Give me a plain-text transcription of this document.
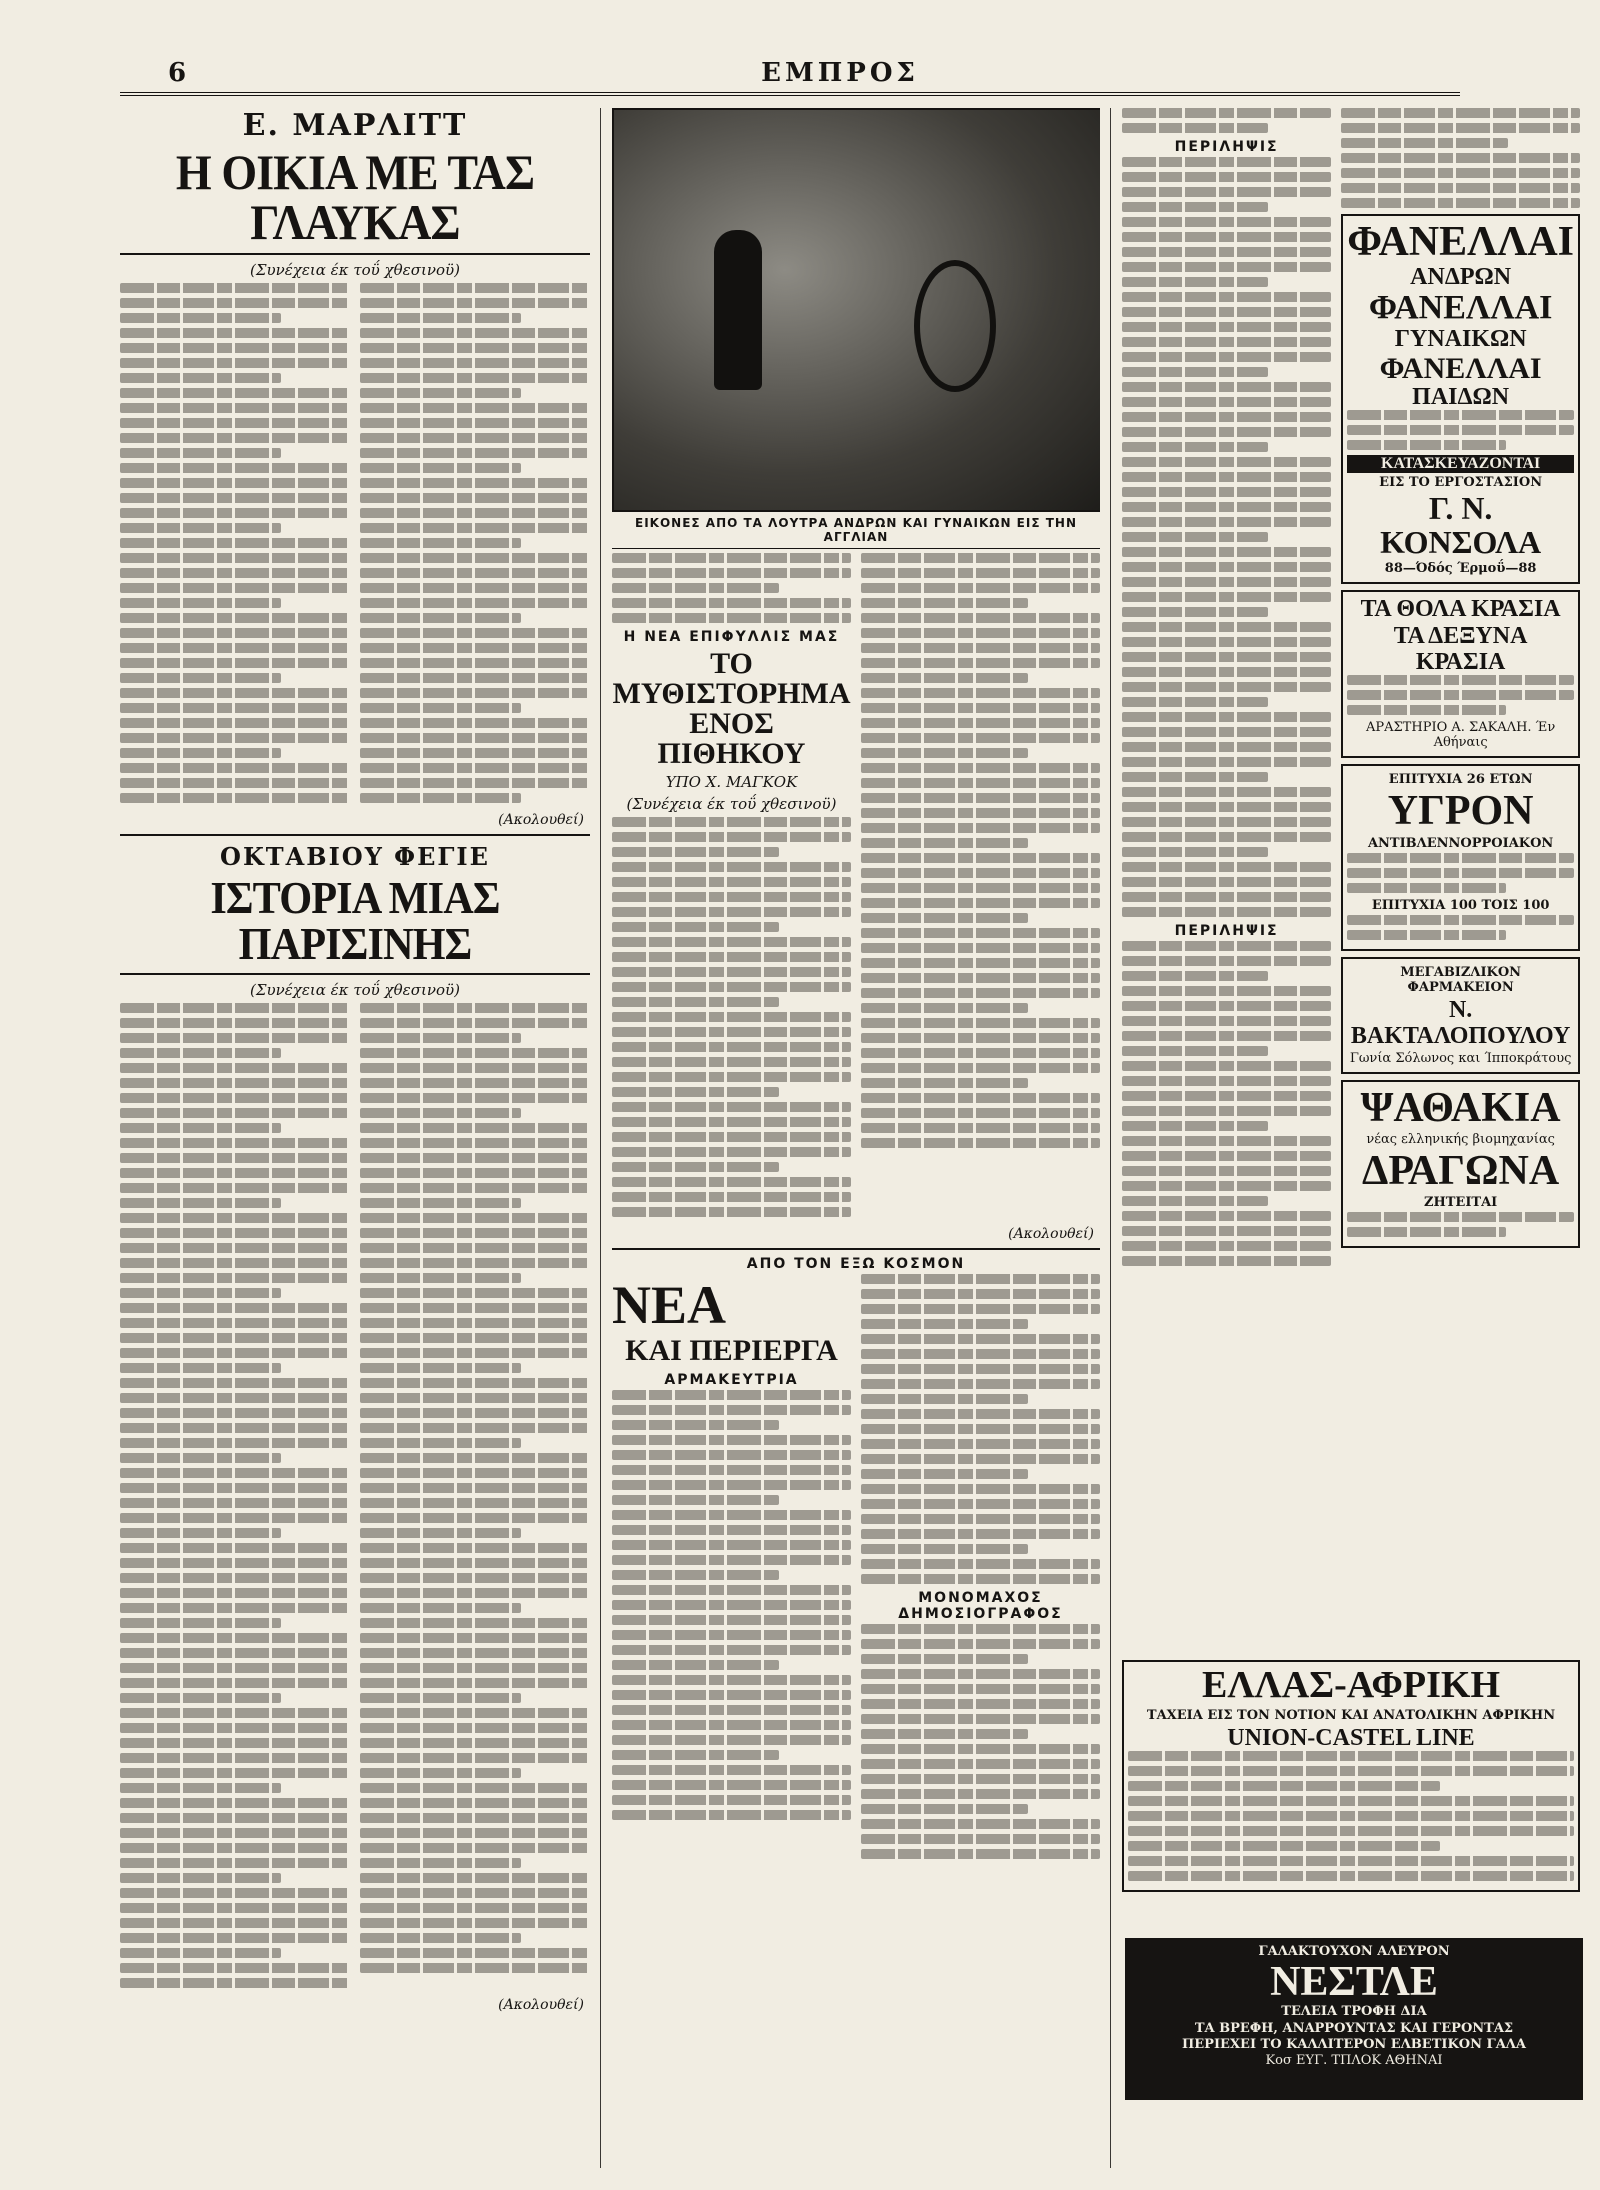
6	ΕΜΠΡΟΣ
Ε. ΜΑΡΛΙΤΤ
Η ΟΙΚΙΑ ΜΕ ΤΑΣ ΓΛΑΥΚΑΣ
(Συνέχεια έκ τοΰ χθεσινοϋ)
(Ακολουθεί)
ΟΚΤΑΒΙΟΥ ΦΕΓΙΕ
ΙΣΤΟΡΙΑ ΜΙΑΣ ΠΑΡΙΣΙΝΗΣ
(Συνέχεια έκ τοΰ χθεσινοϋ)
(Ακολουθεί)
ΕΙΚΟΝΕΣ ΑΠΟ ΤΑ ΛΟΥΤΡΑ ΑΝΔΡΩΝ ΚΑΙ ΓΥΝΑΙΚΩΝ ΕΙΣ ΤΗΝ ΑΓΓΛΙΑΝ
Η ΝΕΑ ΕΠΙΦΥΛΛΙΣ ΜΑΣ
ΤΟ ΜΥΘΙΣΤΟΡΗΜΑ ΕΝΟΣ ΠΙΘΗΚΟΥ
ΥΠΟ Χ. ΜΑΓΚΟΚ
(Συνέχεια έκ τοΰ χθεσινοϋ)
(Ακολουθεί)
ΑΠΟ ΤΟΝ ΕΞΩ ΚΟΣΜΟΝ
ΝΕΑ
ΚΑΙ ΠΕΡΙΕΡΓΑ
ΑΡΜΑΚΕΥΤΡΙΑ
ΜΟΝΟΜΑΧΟΣ ΔΗΜΟΣΙΟΓΡΑΦΟΣ
ΠΕΡΙΛΗΨΙΣ
ΠΕΡΙΛΗΨΙΣ
ΦΑΝΕΛΛΑΙ
ΑΝΔΡΩΝ
ΦΑΝΕΛΛΑΙ
ΓΥΝΑΙΚΩΝ
ΦΑΝΕΛΛΑΙ
ΠΑΙΔΩΝ
ΚΑΤΑΣΚΕΥΑΖΟΝΤΑΙ
ΕΙΣ ΤΟ ΕΡΓΟΣΤΑΣΙΟΝ
Γ. Ν. ΚΟΝΣΟΛΑ
88—Όδός Έρμοΰ—88
ΤΑ ΘΟΛΑ ΚΡΑΣΙΑ
ΤΑ ΔΕΞΥΝΑ ΚΡΑΣΙΑ
ΑΡΑΣΤΗΡΙΟ Α. ΣΑΚΑΛΗ. Έν Αθήναις
ΕΠΙΤΥΧΙΑ 26 ΕΤΩΝ
ΥΓΡΟΝ
ΑΝΤΙΒΛΕΝΝΟΡΡΟΙΑΚΟΝ
ΕΠΙΤΥΧΙΑ 100 ΤΟΙΣ 100
ΜΕΓΑΒΙΖΛΙΚΟΝ ΦΑΡΜΑΚΕΙΟΝ
Ν. ΒΑΚΤΑΛΟΠΟΥΛΟΥ
Γωνία Σόλωνος και Ίπποκράτους
ΨΑΘΑΚΙΑ
νέας ελληνικής βιομηχανίας
ΔΡΑΓΩΝΑ
ΖΗΤΕΙΤΑΙ
ΓΑΛΑΚΤΟΥΧΟΝ ΑΛΕΥΡΟΝ
ΝΕΣΤΛΕ
ΤΕΛΕΙΑ ΤΡΟΦΗ ΔΙΑ
ΤΑ ΒΡΕΦΗ, ΑΝΑΡΡΟΥΝΤΑΣ ΚΑΙ ΓΕΡΟΝΤΑΣ
ΠΕΡΙΕΧΕΙ ΤΟ ΚΑΛΛΙΤΕΡΟΝ ΕΛΒΕΤΙΚΟΝ ΓΑΛΑ
Κοσ ΕΥΓ. ΤΠΛΟΚ ΑΘΗΝΑΙ
ΕΛΛΑΣ-ΑΦΡΙΚΗ
ΤΑΧΕΙΑ ΕΙΣ ΤΟΝ ΝΟΤΙΟΝ ΚΑΙ ΑΝΑΤΟΛΙΚΗΝ ΑΦΡΙΚΗΝ
UNION-CASTEL LINE
